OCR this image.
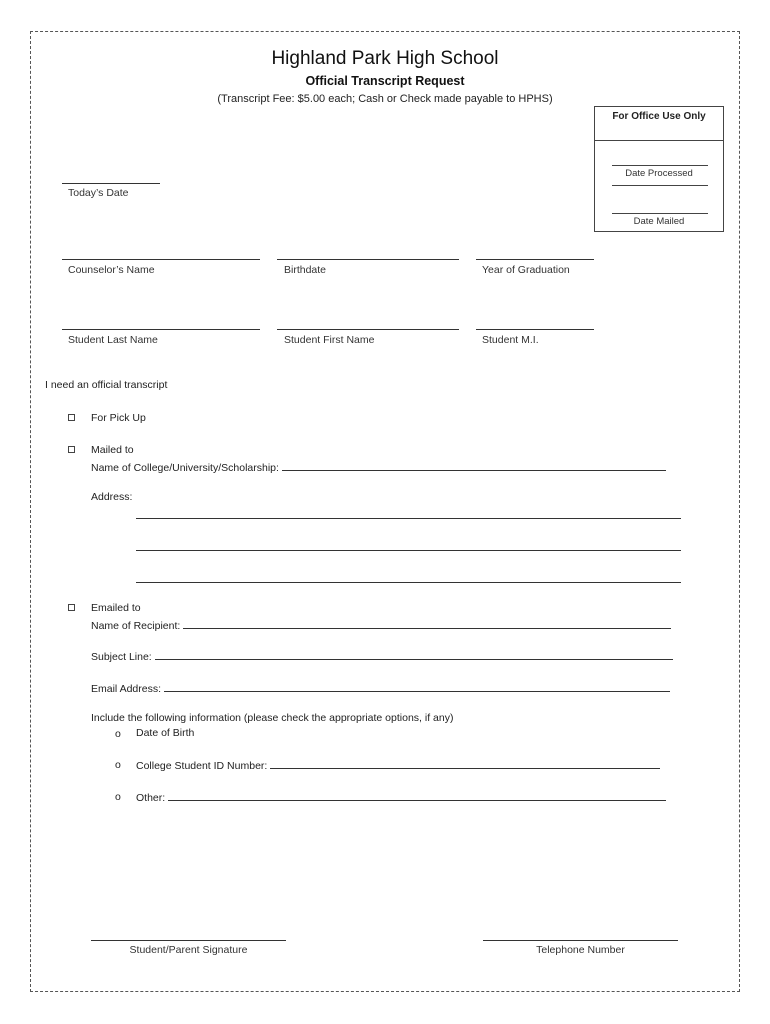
Highland Park High School
Official Transcript Request
(Transcript Fee: $5.00 each; Cash or Check made payable to HPHS)
For Office Use Only
Date Processed
Date Mailed
Today’s Date
Counselor’s Name	Birthdate	Year of Graduation
Student Last Name	Student First Name	Student M.I.
I need an official transcript
For Pick Up
Mailed to
Name of College/University/Scholarship:
Address:
Emailed to
Name of Recipient:
Subject Line:
Email Address:
Include the following information (please check the appropriate options, if any)
o Date of Birth
o College Student ID Number:
o Other:
Student/Parent Signature	Telephone Number
